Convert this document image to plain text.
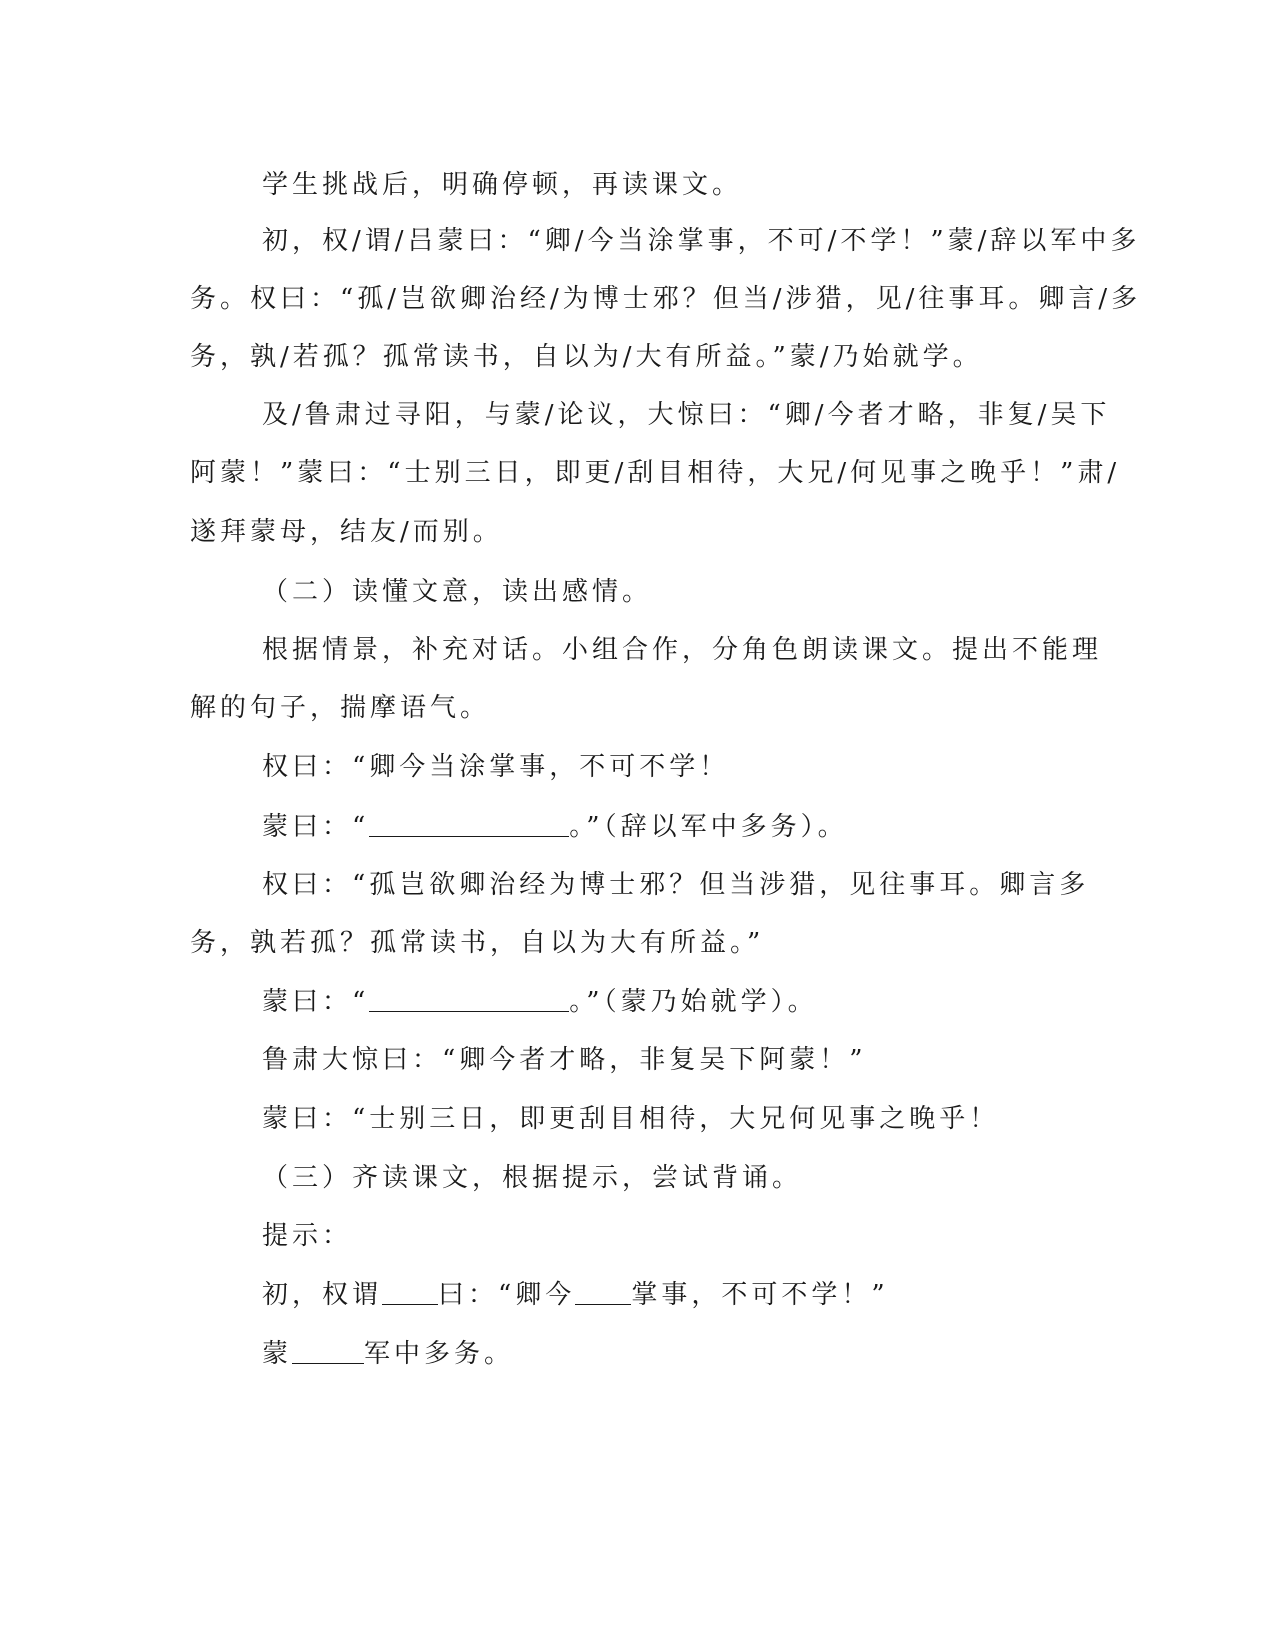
学生挑战后，明确停顿，再读课文。
初，权/谓/吕蒙曰：“卿/今当涂掌事，不可/不学！”蒙/辞以军中多
务。权曰：“孤/岂欲卿治经/为博士邪？但当/涉猎，见/往事耳。卿言/多
务，孰/若孤？孤常读书，自以为/大有所益。”蒙/乃始就学。
及/鲁肃过寻阳，与蒙/论议，大惊曰：“卿/今者才略，非复/吴下
阿蒙！”蒙曰：“士别三日，即更/刮目相待，大兄/何见事之晚乎！”肃/
遂拜蒙母，结友/而别。
（二）读懂文意，读出感情。
根据情景，补充对话。小组合作，分角色朗读课文。提出不能理
解的句子，揣摩语气。
权曰：“卿今当涂掌事，不可不学！
蒙曰：“	。”（辞以军中多务）。
权曰：“孤岂欲卿治经为博士邪？但当涉猎，见往事耳。卿言多
务，孰若孤？孤常读书，自以为大有所益。”
蒙曰：“	。”（蒙乃始就学）。
鲁肃大惊曰：“卿今者才略，非复吴下阿蒙！”
蒙曰：“士别三日，即更刮目相待，大兄何见事之晚乎！
（三）齐读课文，根据提示，尝试背诵。
提示：
初，权谓 曰：“卿今 掌事，不可不学！”
蒙	军中多务。
